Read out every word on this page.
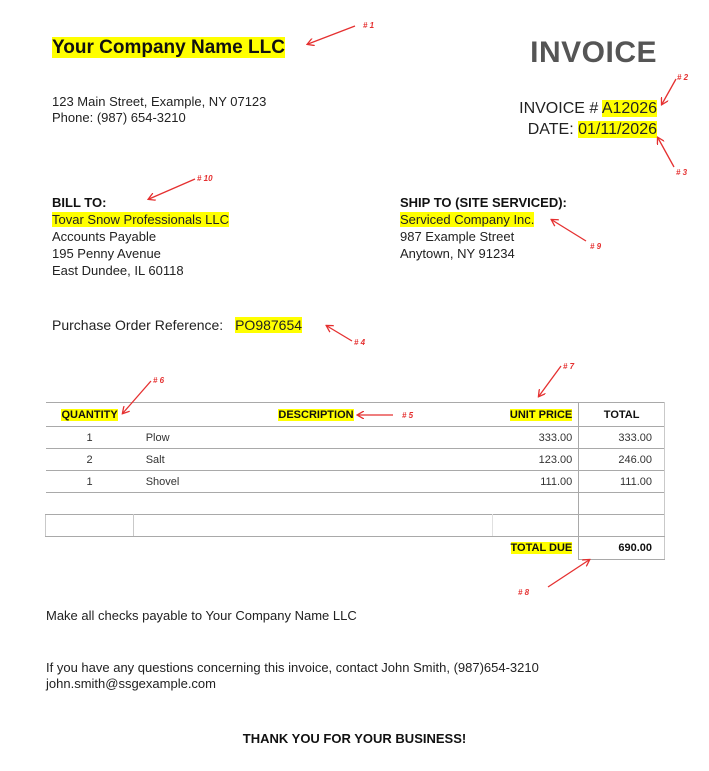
Your Company Name LLC
123 Main Street, Example, NY 07123
Phone: (987) 654-3210
INVOICE
INVOICE # A12026
DATE: 01/11/2026
BILL TO:
Tovar Snow Professionals LLC
Accounts Payable
195 Penny Avenue
East Dundee, IL 60118
SHIP TO (SITE SERVICED):
Serviced Company Inc.
987 Example Street
Anytown, NY 91234
Purchase Order Reference: PO987654
QUANTITY	DESCRIPTION	UNIT PRICE	TOTAL
1	Plow	333.00	333.00
2	Salt	123.00	246.00
1	Shovel	111.00	111.00

		TOTAL DUE	690.00
Make all checks payable to Your Company Name LLC
If you have any questions concerning this invoice, contact John Smith, (987)654-3210
john.smith@ssgexample.com
THANK YOU FOR YOUR BUSINESS!
# 1
# 2
# 3
# 4
# 5
# 6
# 7
# 8
# 9
# 10
